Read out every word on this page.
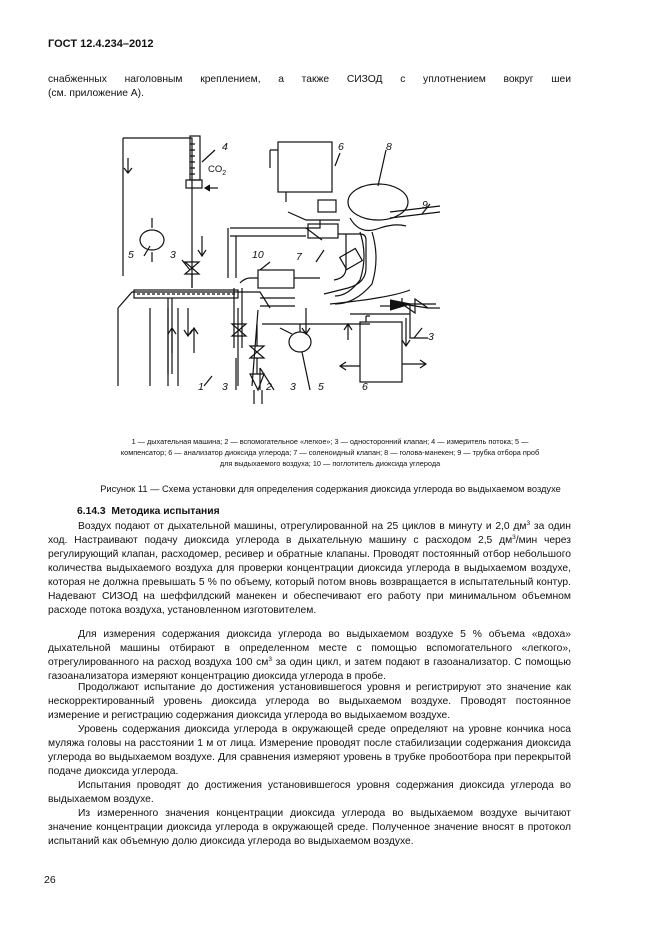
ГОСТ 12.4.234–2012
снабженных наголовным креплением, а также СИЗОД с уплотнением вокруг шеи
(см. приложение А).
4	6	8
9
5	3	7
10
1 3	2 3 5
3
6
$CO_2$
1 — дыхательная машина; 2 — вспомогательное «легкое»; 3 — односторонний клапан; 4 — измеритель потока; 5 —
компенсатор; 6 — анализатор диоксида углерода; 7 — соленоидный клапан; 8 — голова-манекен; 9 — трубка отбора проб
для выдыхаемого воздуха; 10 — поглотитель диоксида углерода
Рисунок 11 — Схема установки для определения содержания диоксида углерода во выдыхаемом воздухе
6.14.3 Методика испытания
Воздух подают от дыхательной машины, отрегулированной на 25 циклов в минуту и 2,0 $дм^3$ за один ход. Настраивают подачу диоксида углерода в дыхательную машину с расходом 2,5 $дм^3$/мин через регулирующий клапан, расходомер, ресивер и обратные клапаны. Проводят постоянный отбор небольшого количества выдыхаемого воздуха для проверки концентрации диоксида углерода в выдыхаемом воздухе, которая не должна превышать 5 % по объему, который потом вновь возвращается в испытательный контур. Надевают СИЗОД на шеффилдский манекен и обеспечивают его работу при минимальном объемном расходе потока воздуха, установленном изготовителем.
Для измерения содержания диоксида углерода во выдыхаемом воздухе 5 % объема «вдоха» дыхательной машины отбирают в определенном месте с помощью вспомогательного «легкого», отрегулированного на расход воздуха 100 $см^3$ за один цикл, и затем подают в газоанализатор. С помощью газоанализатора измеряют концентрацию диоксида углерода в пробе.
Продолжают испытание до достижения установившегося уровня и регистрируют это значение как нескорректированный уровень диоксида углерода во выдыхаемом воздухе. Проводят постоянное измерение и регистрацию содержания диоксида углерода во выдыхаемом воздухе.
Уровень содержания диоксида углерода в окружающей среде определяют на уровне кончика носа муляжа головы на расстоянии 1 м от лица. Измерение проводят после стабилизации содержания диоксида углерода во выдыхаемом воздухе. Для сравнения измеряют уровень в трубке пробоотбора при перекрытой подаче диоксида углерода.
Испытания проводят до достижения установившегося уровня содержания диоксида углерода во выдыхаемом воздухе.
Из измеренного значения концентрации диоксида углерода во выдыхаемом воздухе вычитают значение концентрации диоксида углерода в окружающей среде. Полученное значение вносят в протокол испытаний как объемную долю диоксида углерода во выдыхаемом воздухе.
26
